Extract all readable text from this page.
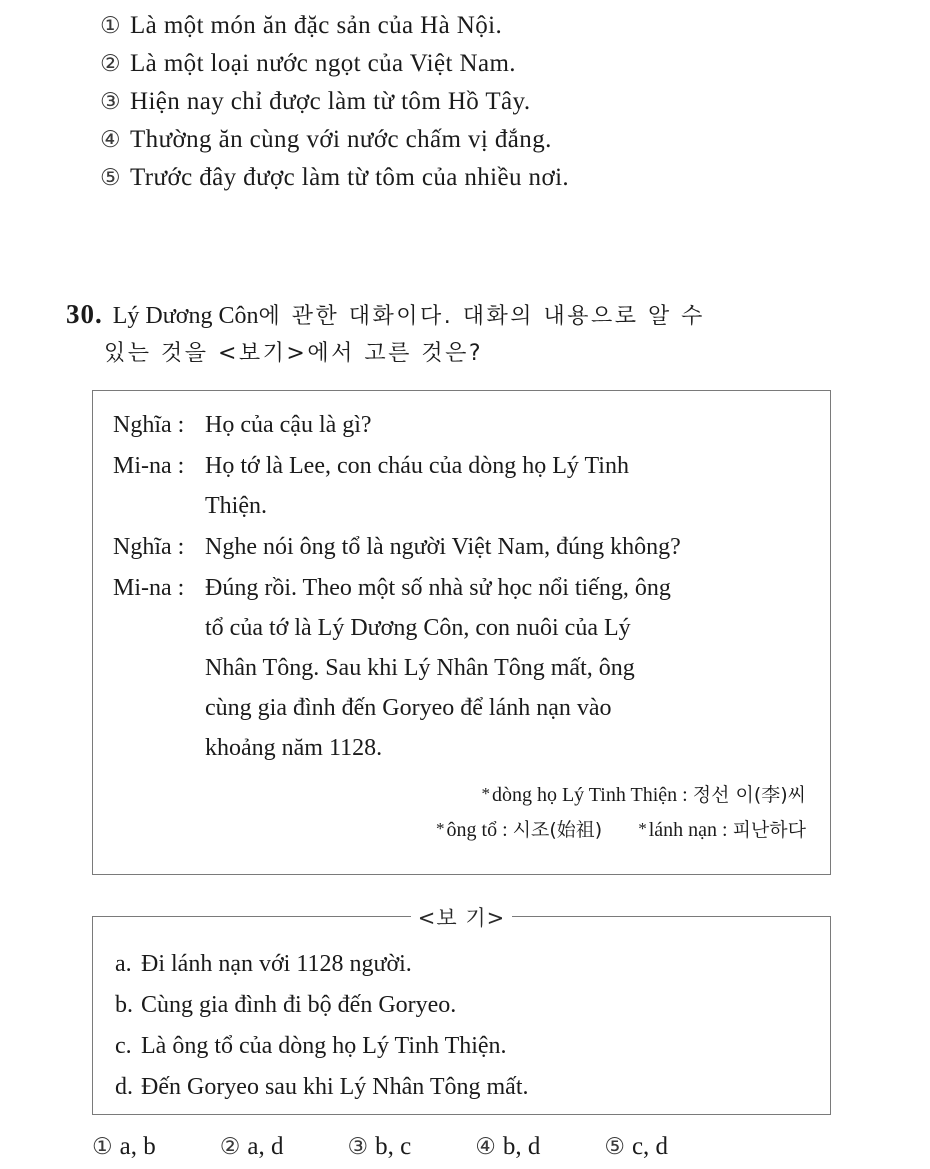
① Là một món ăn đặc sản của Hà Nội.
② Là một loại nước ngọt của Việt Nam.
③ Hiện nay chỉ được làm từ tôm Hồ Tây.
④ Thường ăn cùng với nước chấm vị đắng.
⑤ Trước đây được làm từ tôm của nhiều nơi.
30. Lý Dương Côn 에 관한 대화이다. 대화의 내용으로 알 수
있는 것을 <보기>에서 고른 것은?
Nghĩa : Họ của cậu là gì?
Mi-na : Họ tớ là Lee, con cháu của dòng họ Lý Tinh
Thiện.
Nghĩa : Nghe nói ông tổ là người Việt Nam, đúng không?
Mi-na : Đúng rồi. Theo một số nhà sử học nổi tiếng, ông
tổ của tớ là Lý Dương Côn, con nuôi của Lý
Nhân Tông. Sau khi Lý Nhân Tông mất, ông
cùng gia đình đến Goryeo để lánh nạn vào
khoảng năm 1128.
* dòng họ Lý Tinh Thiện : 정선 이(李)씨
* ông tổ : 시조(始祖) * lánh nạn : 피난하다
<보 기>
a. Đi lánh nạn với 1128 người.
b. Cùng gia đình đi bộ đến Goryeo.
c. Là ông tổ của dòng họ Lý Tinh Thiện.
d. Đến Goryeo sau khi Lý Nhân Tông mất.
① a, b	② a, d	③ b, c	④ b, d	⑤ c, d
